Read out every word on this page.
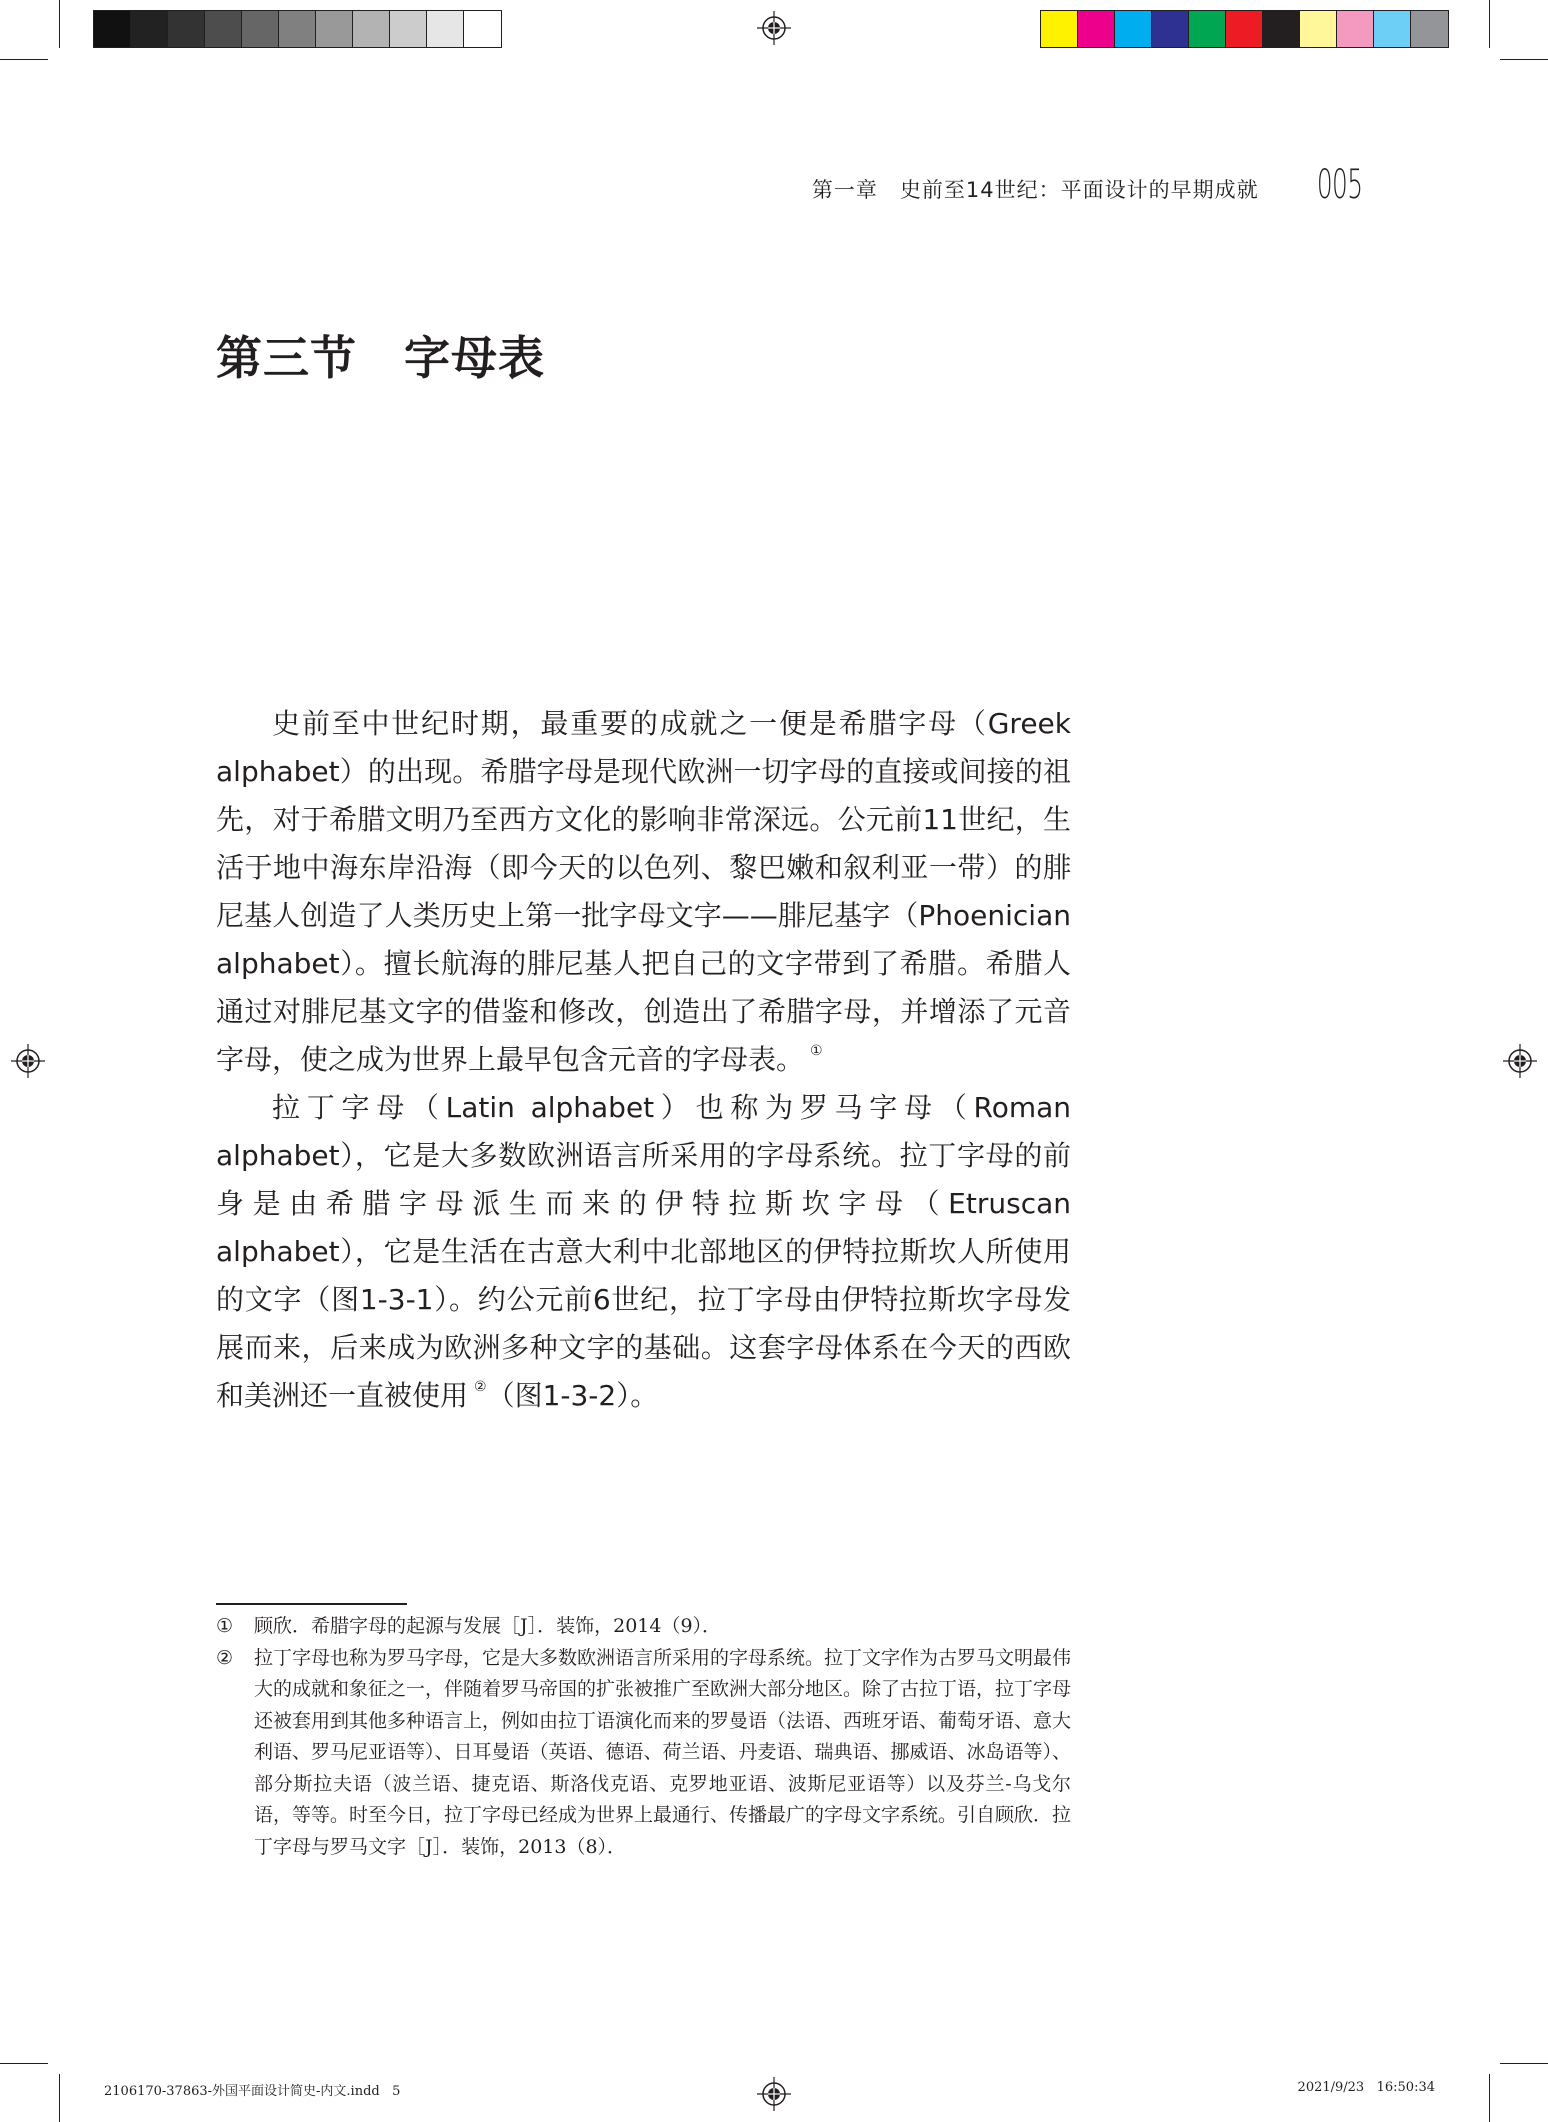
第一章　史前至14世纪：平面设计的早期成就 005
第三节　字母表

史前至中世纪时期，最重要的成就之一便是希腊字母（Greek alphabet）的出现。希腊字母是现代欧洲一切字母的直接或间接的祖先，对于希腊文明乃至西方文化的影响非常深远。公元前11世纪，生活于地中海东岸沿海（即今天的以色列、黎巴嫩和叙利亚一带）的腓尼基人创造了人类历史上第一批字母文字——腓尼基字（Phoenician alphabet）。擅长航海的腓尼基人把自己的文字带到了希腊。希腊人通过对腓尼基文字的借鉴和修改，创造出了希腊字母，并增添了元音字母，使之成为世界上最早包含元音的字母表。 ①

拉丁字母（Latin alphabet）也称为罗马字母（Roman alphabet），它是大多数欧洲语言所采用的字母系统。拉丁字母的前身是由希腊字母派生而来的伊特拉斯坎字母（Etruscan alphabet），它是生活在古意大利中北部地区的伊特拉斯坎人所使用的文字（图1-3-1）。约公元前6世纪，拉丁字母由伊特拉斯坎字母发展而来，后来成为欧洲多种文字的基础。这套字母体系在今天的西欧和美洲还一直被使用 ②（图1-3-2）。

①	顾欣．希腊字母的起源与发展［J］．装饰，2014（9）．
②	拉丁字母也称为罗马字母，它是大多数欧洲语言所采用的字母系统。拉丁文字作为古罗马文明最伟大的成就和象征之一，伴随着罗马帝国的扩张被推广至欧洲大部分地区。除了古拉丁语，拉丁字母还被套用到其他多种语言上，例如由拉丁语演化而来的罗曼语（法语、西班牙语、葡萄牙语、意大利语、罗马尼亚语等）、日耳曼语（英语、德语、荷兰语、丹麦语、瑞典语、挪威语、冰岛语等）、部分斯拉夫语（波兰语、捷克语、斯洛伐克语、克罗地亚语、波斯尼亚语等）以及芬兰-乌戈尔语，等等。时至今日，拉丁字母已经成为世界上最通行、传播最广的字母文字系统。引自顾欣．拉丁字母与罗马文字［J］．装饰，2013（8）．
2106170-37863-外国平面设计简史-内文.indd   5	2021/9/23   16:50:34
